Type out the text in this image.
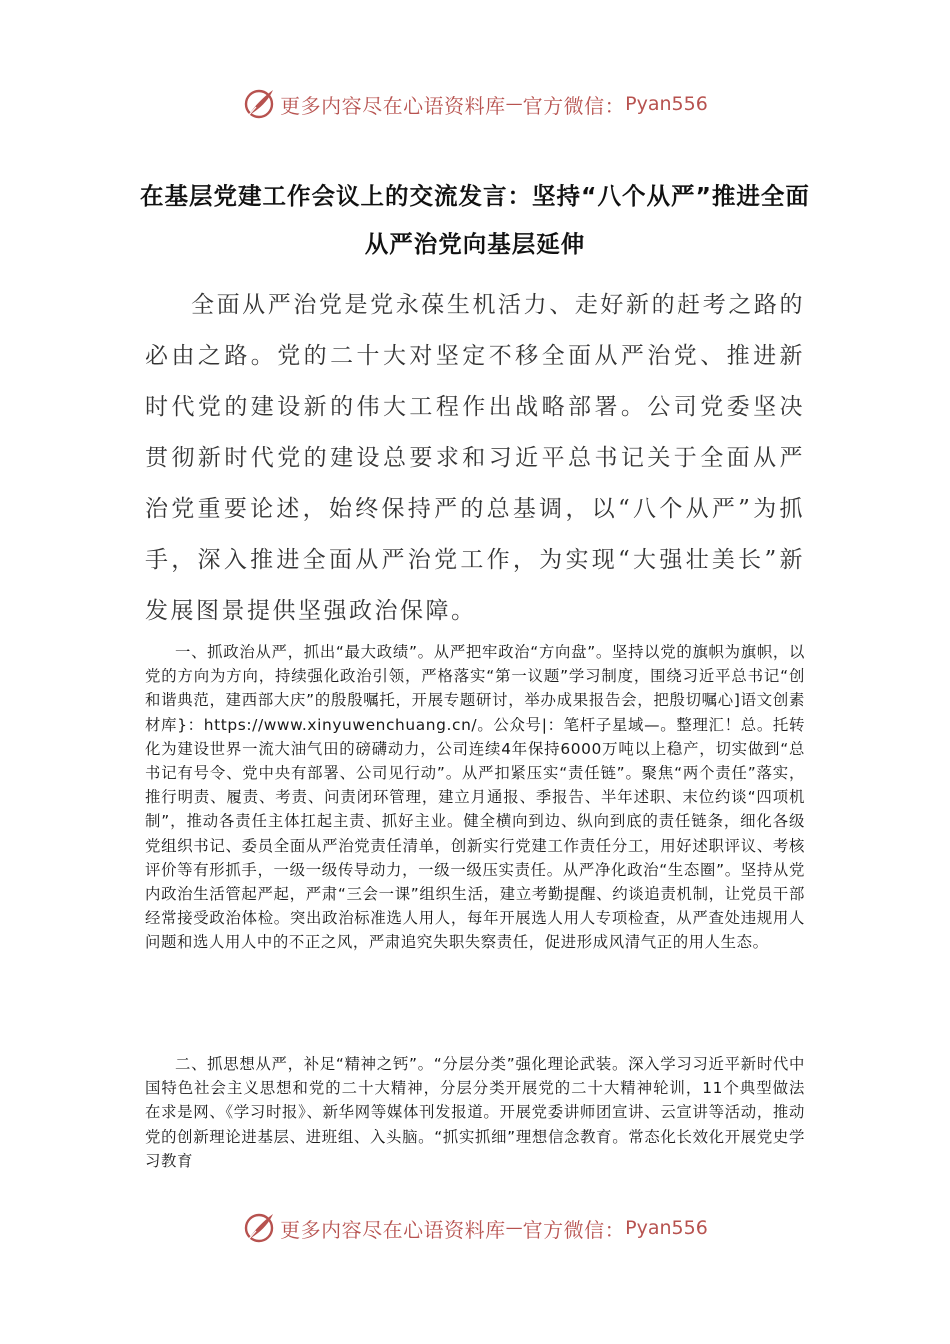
更多内容尽在心语资料库 — 官方微信： Pyan556
在基层党建工作会议上的交流发言：坚持“八个从严”推进全面从严治党向基层延伸

全面从严治党是党永葆生机活力、走好新的赶考之路的必由之路。党的二十大对坚定不移全面从严治党、推进新时代党的建设新的伟大工程作出战略部署。公司党委坚决贯彻新时代党的建设总要求和习近平总书记关于全面从严治党重要论述，始终保持严的总基调，以“八个从严”为抓手，深入推进全面从严治党工作，为实现“大强壮美长”新发展图景提供坚强政治保障。

一、抓政治从严，抓出“最大政绩”。从严把牢政治“方向盘”。坚持以党的旗帜为旗帜，以党的方向为方向，持续强化政治引领，严格落实“第一议题”学习制度，围绕习近平总书记“创和谐典范，建西部大庆”的殷殷嘱托，开展专题研讨，举办成果报告会，把殷切嘱心]语文创素材库}：https://www.xinyuwenchuang.cn/。公众号|：笔杆子星域—。整理汇！总。托转化为建设世界一流大油气田的磅礴动力，公司连续4年保持6000万吨以上稳产，切实做到“总书记有号令、党中央有部署、公司见行动”。从严扣紧压实“责任链”。聚焦“两个责任”落实，推行明责、履责、考责、问责闭环管理，建立月通报、季报告、半年述职、末位约谈“四项机制”，推动各责任主体扛起主责、抓好主业。健全横向到边、纵向到底的责任链条，细化各级党组织书记、委员全面从严治党责任清单，创新实行党建工作责任分工，用好述职评议、考核评价等有形抓手，一级一级传导动力，一级一级压实责任。从严净化政治“生态圈”。坚持从党内政治生活管起严起，严肃“三会一课”组织生活，建立考勤提醒、约谈追责机制，让党员干部经常接受政治体检。突出政治标准选人用人，每年开展选人用人专项检查，从严查处违规用人问题和选人用人中的不正之风，严肃追究失职失察责任，促进形成风清气正的用人生态。

二、抓思想从严，补足“精神之钙”。“分层分类”强化理论武装。深入学习习近平新时代中国特色社会主义思想和党的二十大精神，分层分类开展党的二十大精神轮训，11个典型做法在求是网、《学习时报》、新华网等媒体刊发报道。开展党委讲师团宣讲、云宣讲等活动，推动党的创新理论进基层、进班组、入头脑。“抓实抓细”理想信念教育。常态化长效化开展党史学习教育

更多内容尽在心语资料库 — 官方微信： Pyan556
